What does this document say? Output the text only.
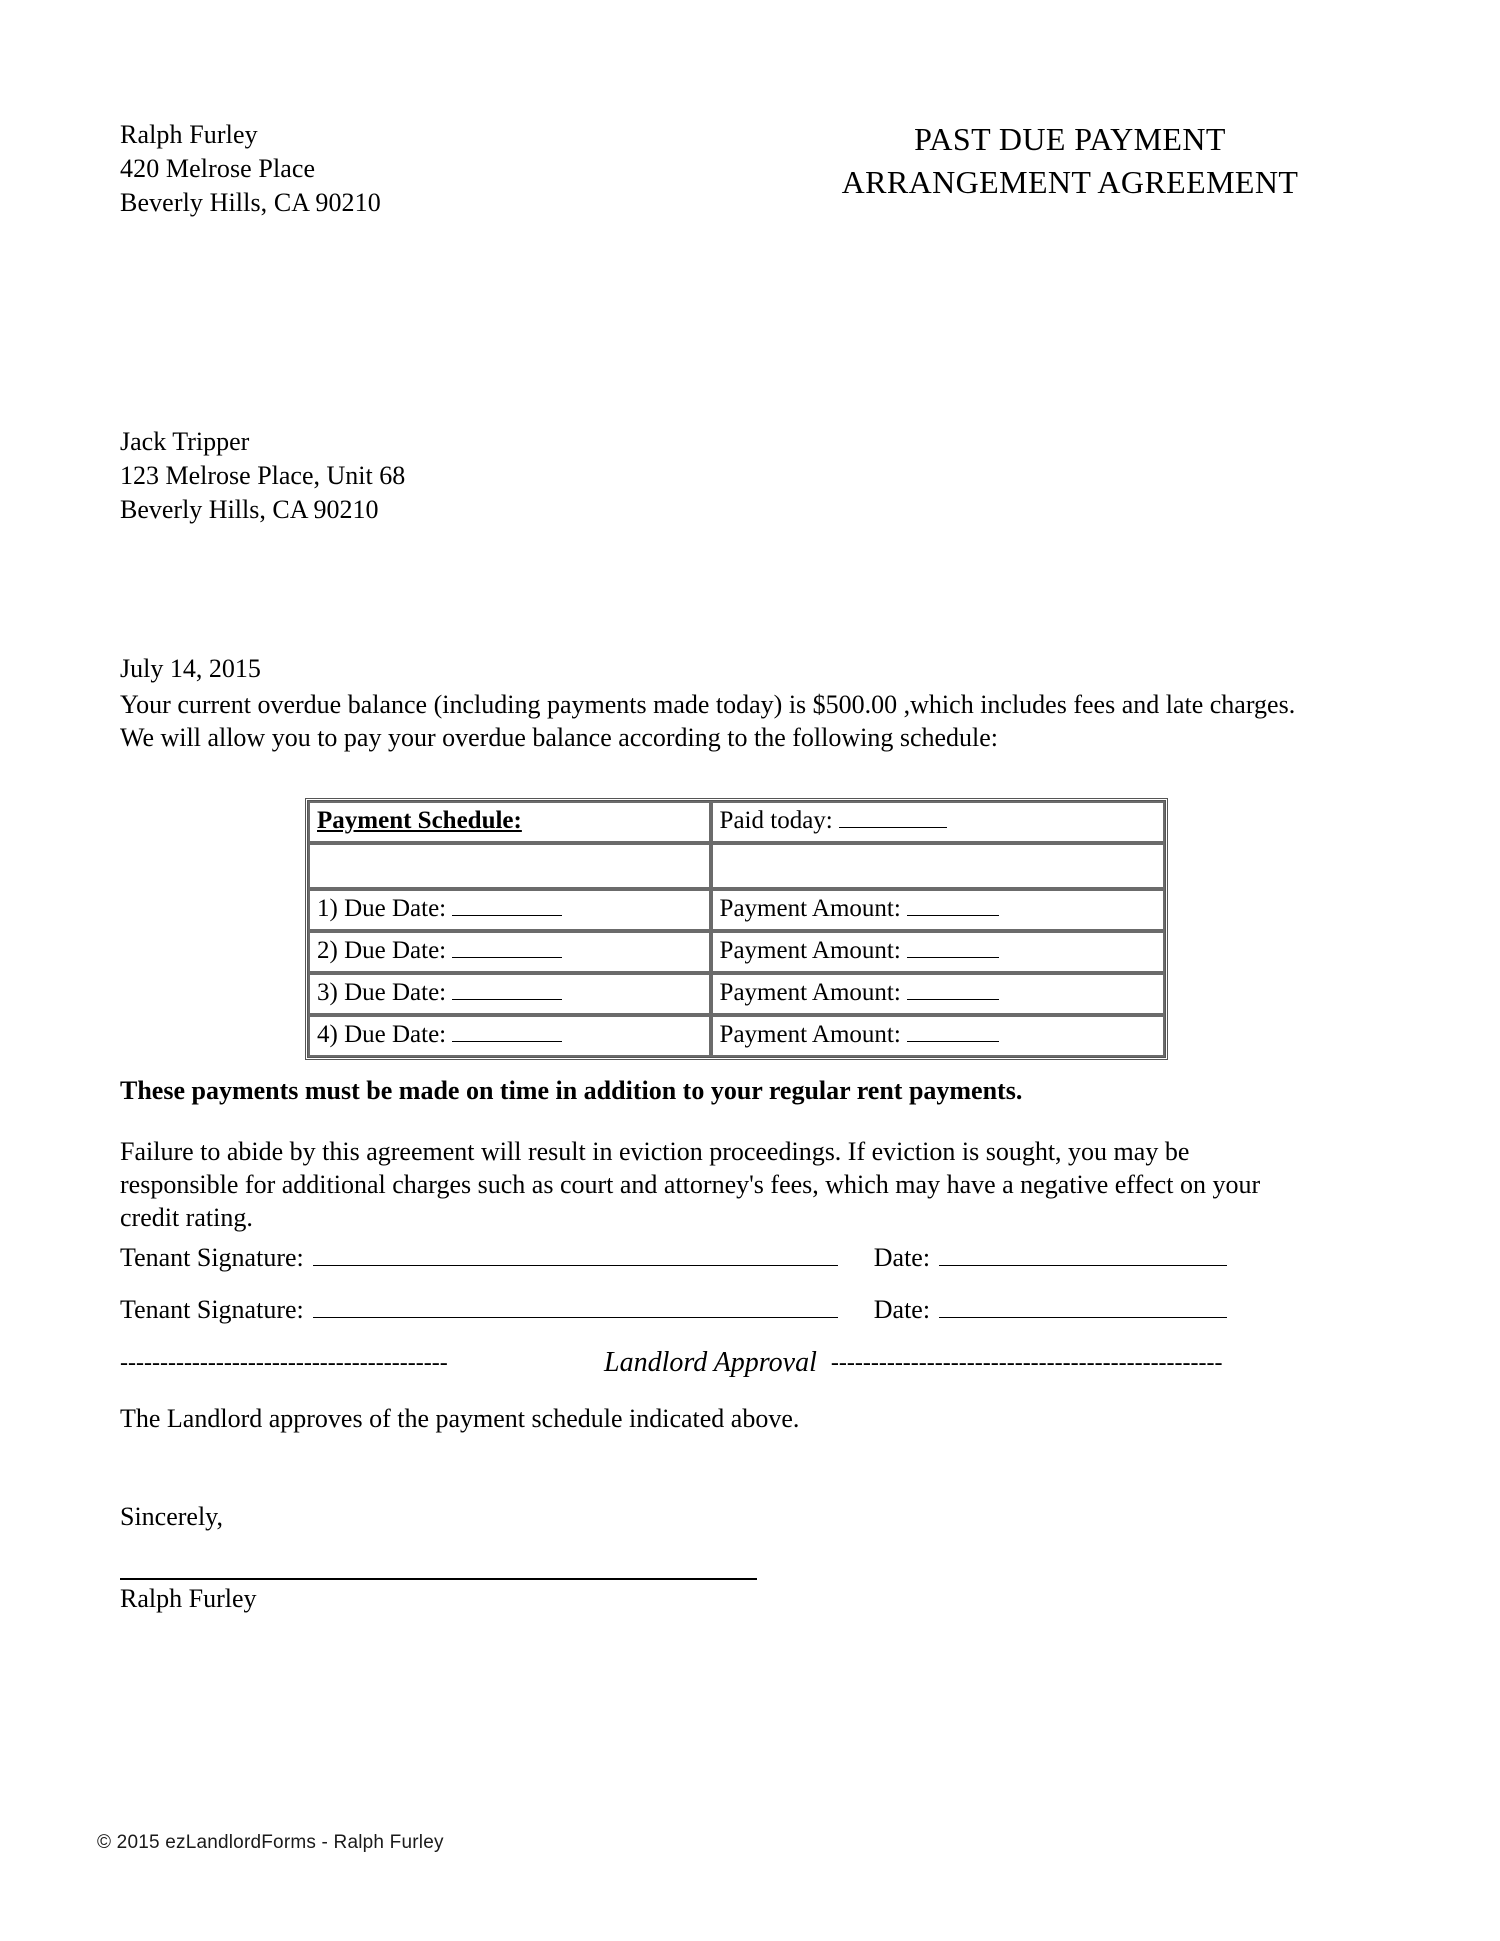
Ralph Furley
420 Melrose Place
Beverly Hills, CA 90210
PAST DUE PAYMENT
ARRANGEMENT AGREEMENT
Jack Tripper
123 Melrose Place, Unit 68
Beverly Hills, CA 90210
July 14, 2015
Your current overdue balance (including payments made today) is $500.00 ,which includes fees and late charges. We will allow you to pay your overdue balance according to the following schedule:
Payment Schedule:	Paid today:

1) Due Date:	Payment Amount:
2) Due Date:	Payment Amount:
3) Due Date:	Payment Amount:
4) Due Date:	Payment Amount:
These payments must be made on time in addition to your regular rent payments.
Failure to abide by this agreement will result in eviction proceedings. If eviction is sought, you may be responsible for additional charges such as court and attorney's fees, which may have a negative effect on your credit rating.
Tenant Signature:	Date:
Tenant Signature:	Date:
-----------------------------------------	Landlord Approval -------------------------------------------------
The Landlord approves of the payment schedule indicated above.
Sincerely,
Ralph Furley
© 2015 ezLandlordForms - Ralph Furley
